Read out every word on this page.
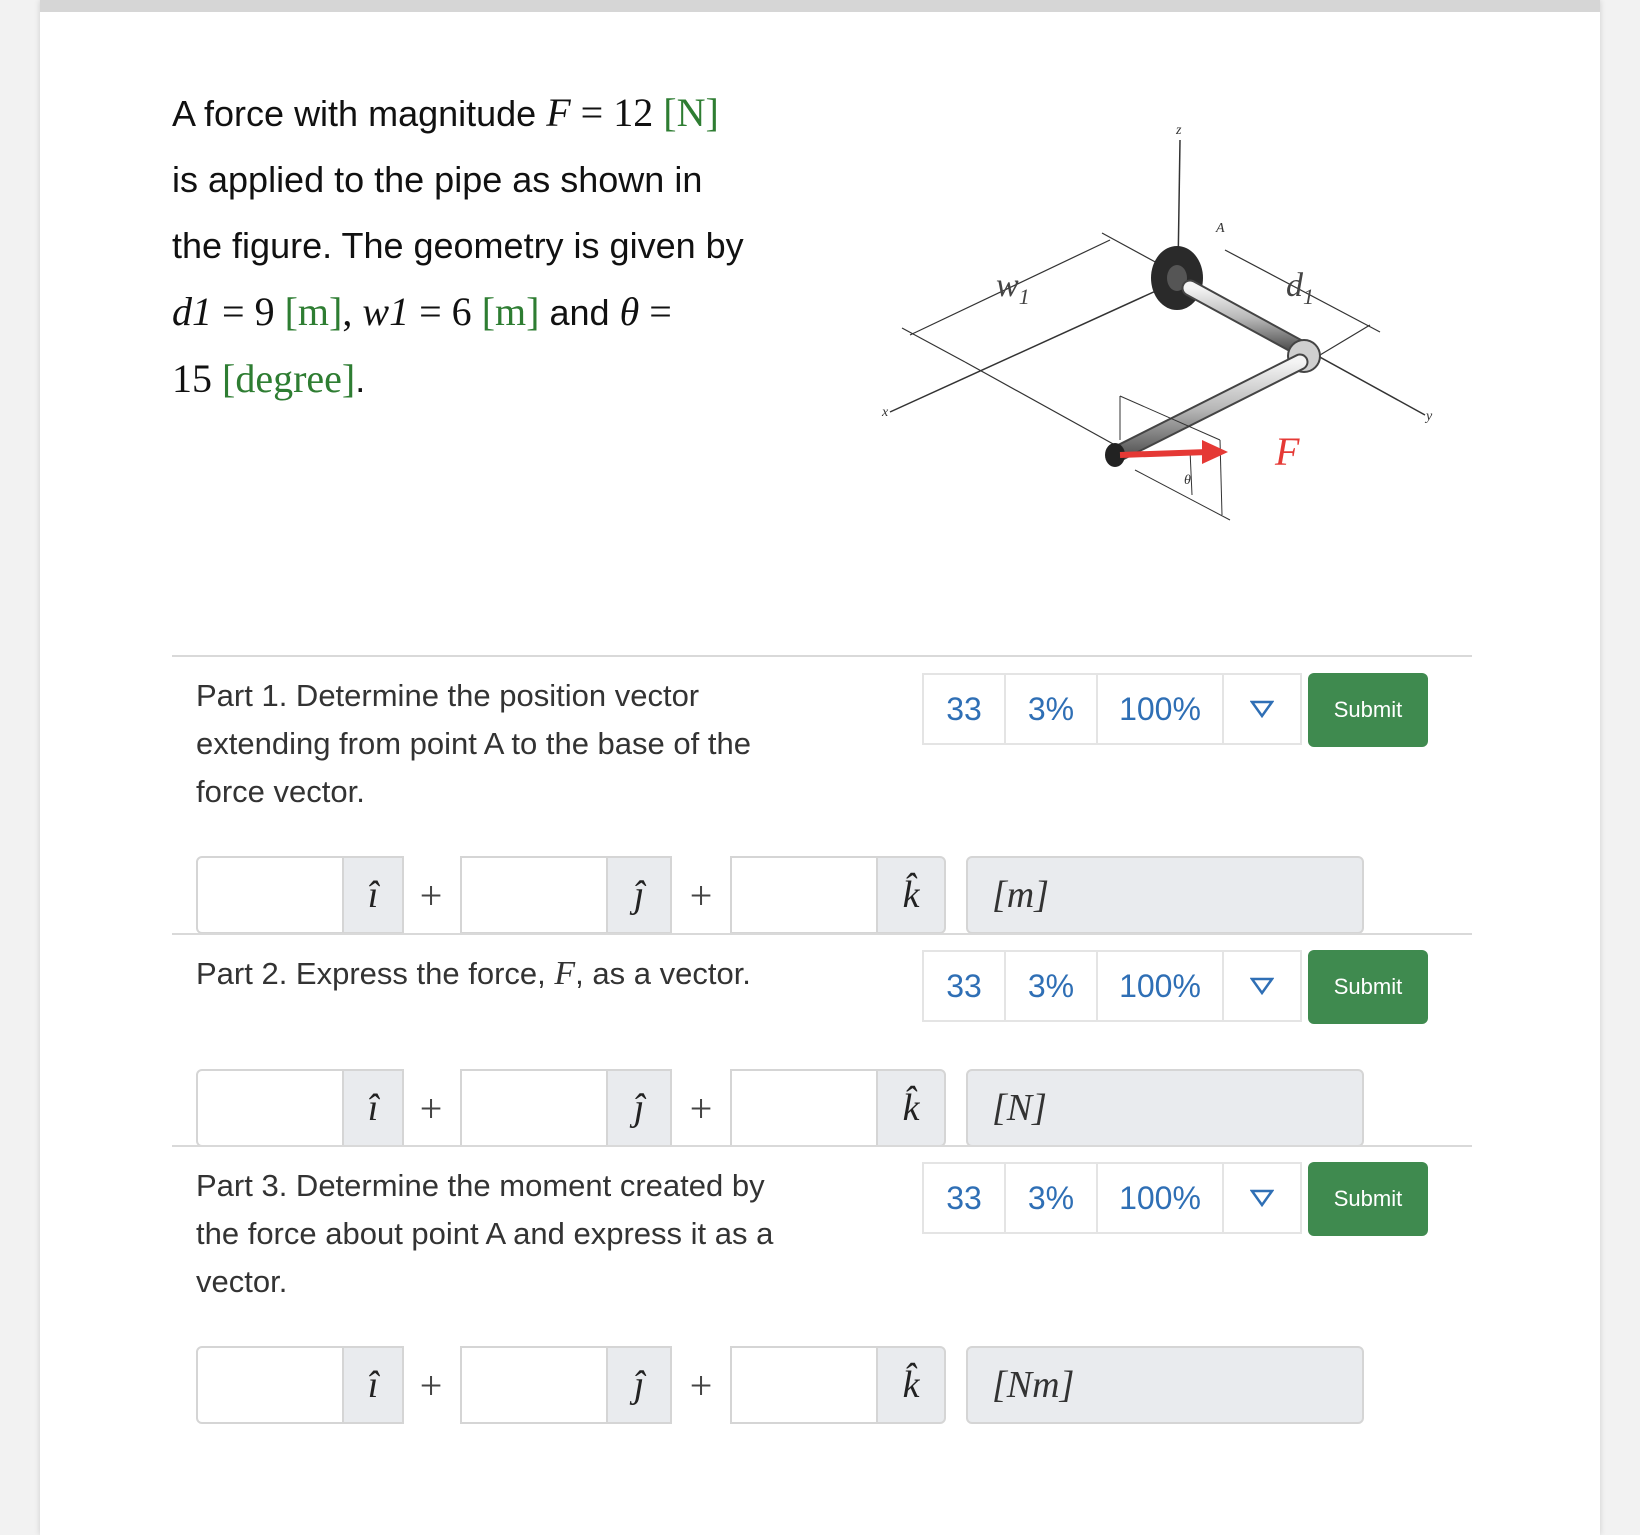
A force with magnitude F = 12 [N]
is applied to the pipe as shown in
the figure. The geometry is given by
d1 = 9 [m], w1 = 6 [m] and θ =
15 [degree].
z
x	y
$w_1$	$d_1$
A
θ
F
Part 1. Determine the position vector extending from point A to the base of the force vector.
33	3%	100%	Submit
î	+	ĵ	+	k̂	[m]
Part 2. Express the force, F, as a vector.	33	3%	100%	Submit
î	+	ĵ	+	k̂	[N]
Part 3. Determine the moment created by the force about point A and express it as a vector.
33	3%	100%	Submit
î	+	ĵ	+	k̂	[Nm]
